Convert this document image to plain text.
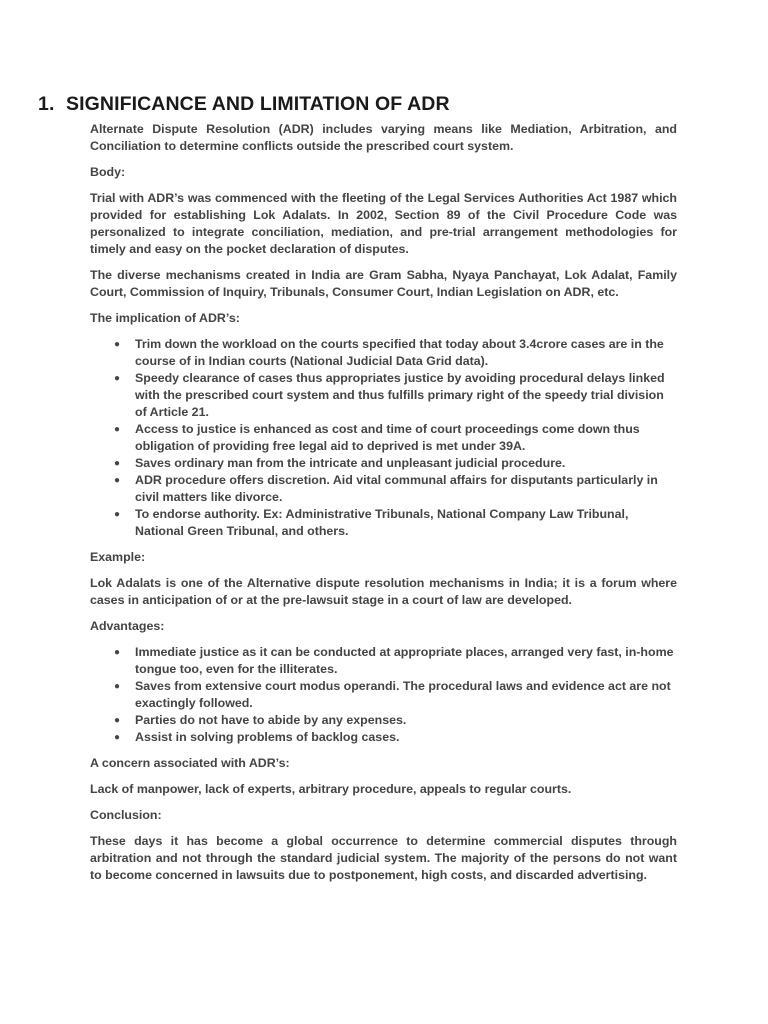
1. SIGNIFICANCE AND LIMITATION OF ADR

Alternate Dispute Resolution (ADR) includes varying means like Mediation, Arbitration, and Conciliation to determine conflicts outside the prescribed court system.

Body:

Trial with ADR’s was commenced with the fleeting of the Legal Services Authorities Act 1987 which provided for establishing Lok Adalats. In 2002, Section 89 of the Civil Procedure Code was personalized to integrate conciliation, mediation, and pre-trial arrangement methodologies for timely and easy on the pocket declaration of disputes.

The diverse mechanisms created in India are Gram Sabha, Nyaya Panchayat, Lok Adalat, Family Court, Commission of Inquiry, Tribunals, Consumer Court, Indian Legislation on ADR, etc.

The implication of ADR’s:

● Trim down the workload on the courts specified that today about 3.4crore cases are in the course of in Indian courts (National Judicial Data Grid data).
● Speedy clearance of cases thus appropriates justice by avoiding procedural delays linked with the prescribed court system and thus fulfills primary right of the speedy trial division of Article 21.
● Access to justice is enhanced as cost and time of court proceedings come down thus obligation of providing free legal aid to deprived is met under 39A.
● Saves ordinary man from the intricate and unpleasant judicial procedure.
● ADR procedure offers discretion. Aid vital communal affairs for disputants particularly in civil matters like divorce.
● To endorse authority. Ex: Administrative Tribunals, National Company Law Tribunal, National Green Tribunal, and others.

Example:

Lok Adalats is one of the Alternative dispute resolution mechanisms in India; it is a forum where cases in anticipation of or at the pre-lawsuit stage in a court of law are developed.

Advantages:

● Immediate justice as it can be conducted at appropriate places, arranged very fast, in-home tongue too, even for the illiterates.
● Saves from extensive court modus operandi. The procedural laws and evidence act are not exactingly followed.
● Parties do not have to abide by any expenses.
● Assist in solving problems of backlog cases.

A concern associated with ADR’s:

Lack of manpower, lack of experts, arbitrary procedure, appeals to regular courts.

Conclusion:

These days it has become a global occurrence to determine commercial disputes through arbitration and not through the standard judicial system. The majority of the persons do not want to become concerned in lawsuits due to postponement, high costs, and discarded advertising.
